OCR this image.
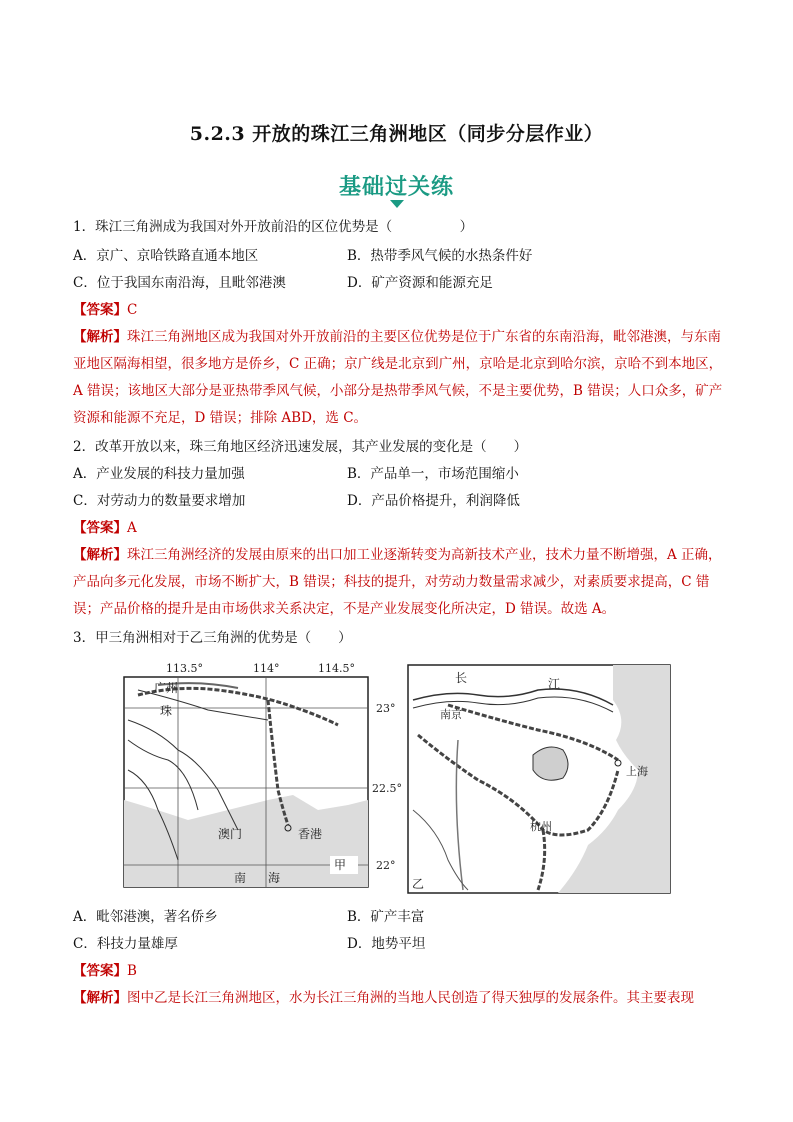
5.2.3 开放的珠江三角洲地区（同步分层作业）
基础过关练
1．珠江三角洲成为我国对外开放前沿的区位优势是（　　　　　）
A．京广、京哈铁路直通本地区	B．热带季风气候的水热条件好
C．位于我国东南沿海，且毗邻港澳	D．矿产资源和能源充足
【答案】C
【解析】珠江三角洲地区成为我国对外开放前沿的主要区位优势是位于广东省的东南沿海，毗邻港澳，与东南亚地区隔海相望，很多地方是侨乡，C 正确；京广线是北京到广州，京哈是北京到哈尔滨，京哈不到本地区，A 错误；该地区大部分是亚热带季风气候，小部分是热带季风气候，不是主要优势，B 错误；人口众多，矿产资源和能源不充足，D 错误；排除 ABD，选 C。
2．改革开放以来，珠三角地区经济迅速发展，其产业发展的变化是（　　）
A．产业发展的科技力量加强	B．产品单一，市场范围缩小
C．对劳动力的数量要求增加	D．产品价格提升，利润降低
【答案】A
【解析】珠江三角洲经济的发展由原来的出口加工业逐渐转变为高新技术产业，技术力量不断增强，A 正确，产品向多元化发展，市场不断扩大，B 错误；科技的提升，对劳动力数量需求减少，对素质要求提高，C 错误；产品价格的提升是由市场供求关系决定，不是产业发展变化所决定，D 错误。故选 A。
3．甲三角洲相对于乙三角洲的优势是（　　）
113.5°	114°	114.5°
广州
珠
澳门	香港
南 海
甲
23°
22.5°
22°
长	江
南京
上海
杭州
乙
A．毗邻港澳，著名侨乡	B．矿产丰富
C．科技力量雄厚	D．地势平坦
【答案】B
【解析】图中乙是长江三角洲地区，水为长江三角洲的当地人民创造了得天独厚的发展条件。其主要表现
